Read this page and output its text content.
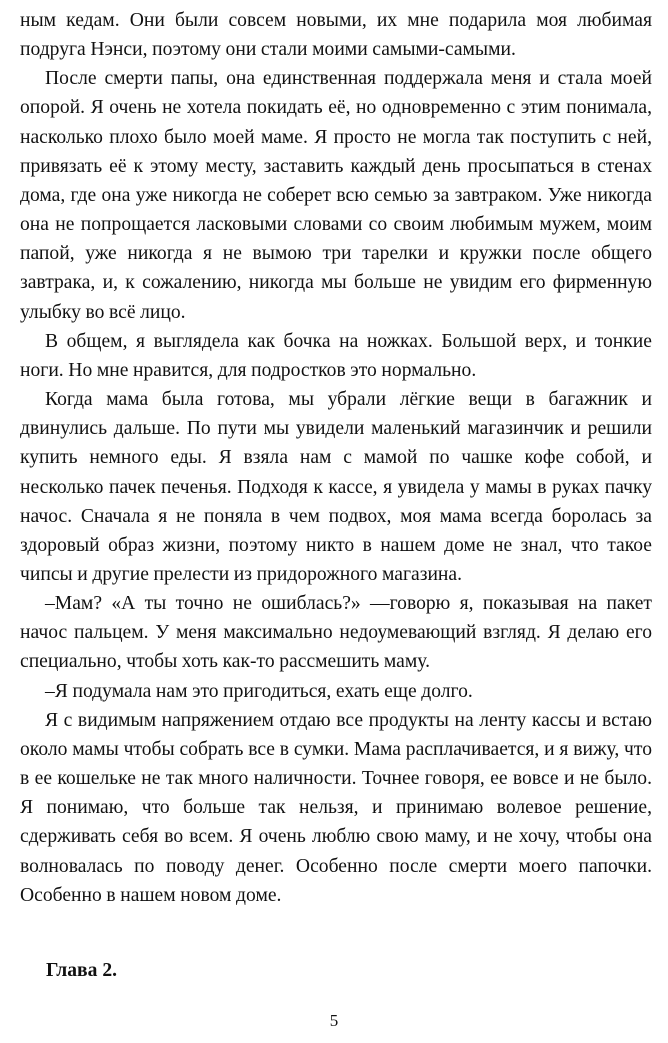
ным кедам. Они были совсем новыми, их мне подарила моя любимая подруга Нэнси, поэтому они стали моими самыми-самыми.

После смерти папы, она единственная поддержала меня и стала моей опорой. Я очень не хотела покидать её, но одновременно с этим понимала, насколько плохо было моей маме. Я просто не могла так поступить с ней, привязать её к этому месту, заставить каждый день просыпаться в стенах дома, где она уже никогда не соберет всю семью за завтраком. Уже никогда она не попрощается ласковыми словами со своим любимым мужем, моим папой, уже никогда я не вымою три тарелки и кружки после общего завтрака, и, к сожалению, никогда мы больше не увидим его фирменную улыбку во всё лицо.

В общем, я выглядела как бочка на ножках. Большой верх, и тонкие ноги. Но мне нравится, для подростков это нормально.

Когда мама была готова, мы убрали лёгкие вещи в багажник и двинулись дальше. По пути мы увидели маленький магазинчик и решили купить немного еды. Я взяла нам с мамой по чашке кофе собой, и несколько пачек печенья. Подходя к кассе, я увидела у мамы в руках пачку начос. Сначала я не поняла в чем подвох, моя мама всегда боролась за здоровый образ жизни, поэтому никто в нашем доме не знал, что такое чипсы и другие прелести из придорожного магазина.

–Мам? «А ты точно не ошиблась?» —говорю я, показывая на пакет начос пальцем. У меня максимально недоумевающий взгляд. Я делаю его специально, чтобы хоть как-то рассмешить маму.

–Я подумала нам это пригодиться, ехать еще долго.

Я с видимым напряжением отдаю все продукты на ленту кассы и встаю около мамы чтобы собрать все в сумки. Мама расплачивается, и я вижу, что в ее кошельке не так много наличности. Точнее говоря, ее вовсе и не было. Я понимаю, что больше так нельзя, и принимаю волевое решение, сдерживать себя во всем. Я очень люблю свою маму, и не хочу, чтобы она волновалась по поводу денег. Особенно после смерти моего папочки. Особенно в нашем новом доме.

Глава 2.
5
